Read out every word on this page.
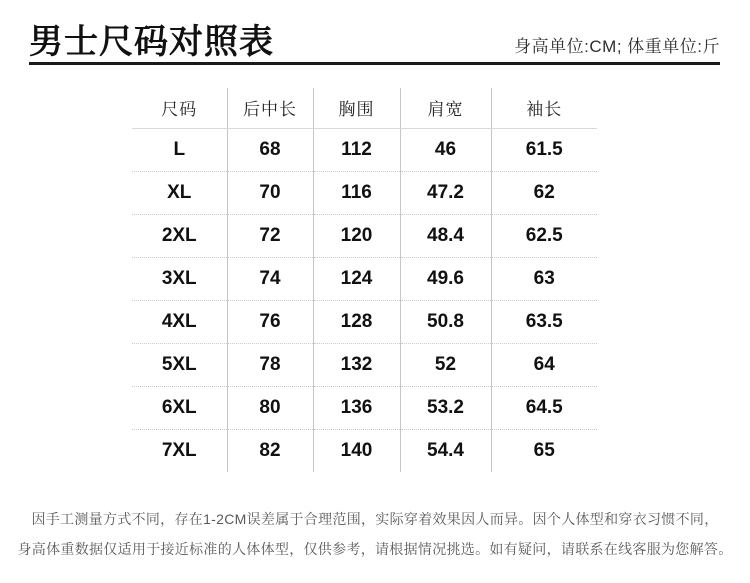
男士尺码对照表	身高单位:CM; 体重单位:斤
尺码	后中长	胸围	肩宽	袖长
L	68	112	46	61.5
XL	70	116	47.2	62
2XL	72	120	48.4	62.5
3XL	74	124	49.6	63
4XL	76	128	50.8	63.5
5XL	78	132	52	64
6XL	80	136	53.2	64.5
7XL	82	140	54.4	65
因手工测量方式不同，存在1-2CM误差属于合理范围，实际穿着效果因人而异。因个人体型和穿衣习惯不同，
身高体重数据仅适用于接近标准的人体体型，仅供参考，请根据情况挑选。如有疑问，请联系在线客服为您解答。
